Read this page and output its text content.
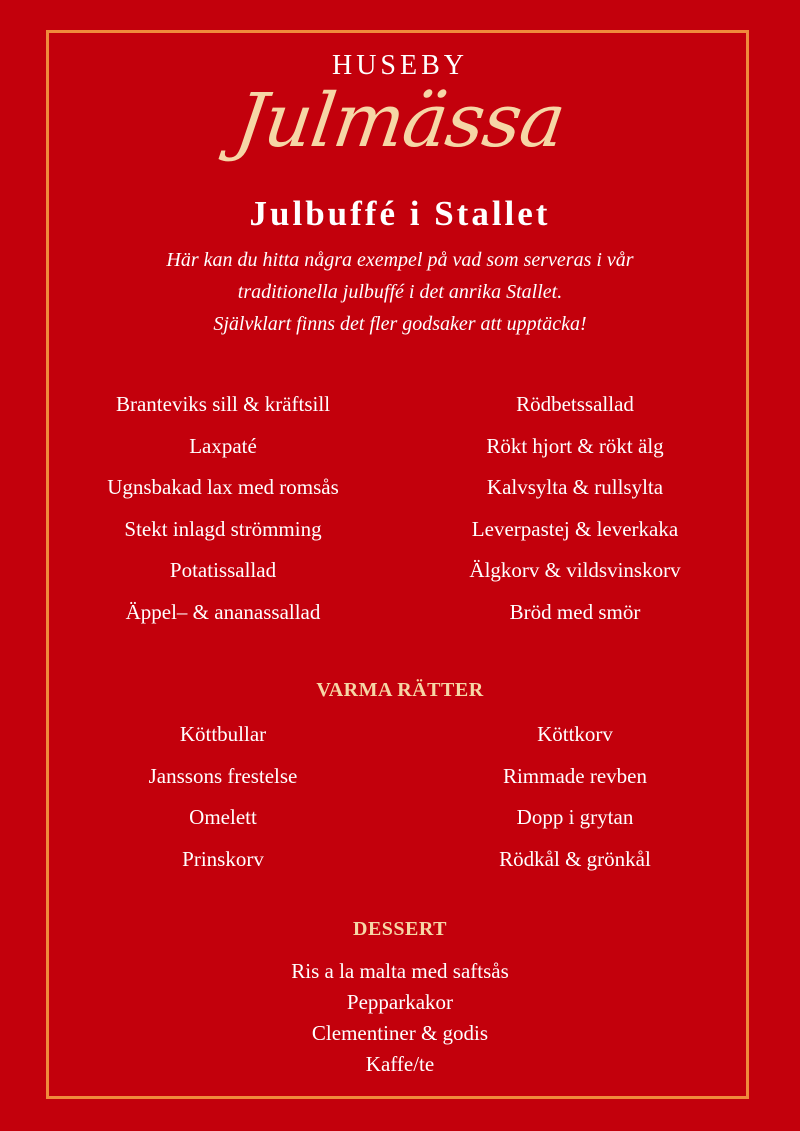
HUSEBY
Julmässa
Julbuffé i Stallet
Här kan du hitta några exempel på vad som serveras i vår
traditionella julbuffé i det anrika Stallet.
Självklart finns det fler godsaker att upptäcka!
Branteviks sill & kräftsill
Laxpaté
Ugnsbakad lax med romsås
Stekt inlagd strömming
Potatissallad
Äppel– & ananassallad
Rödbetssallad
Rökt hjort & rökt älg
Kalvsylta & rullsylta
Leverpastej & leverkaka
Älgkorv & vildsvinskorv
Bröd med smör
VARMA RÄTTER
Köttbullar
Janssons frestelse
Omelett
Prinskorv
Köttkorv
Rimmade revben
Dopp i grytan
Rödkål & grönkål
DESSERT
Ris a la malta med saftsås
Pepparkakor
Clementiner & godis
Kaffe/te
